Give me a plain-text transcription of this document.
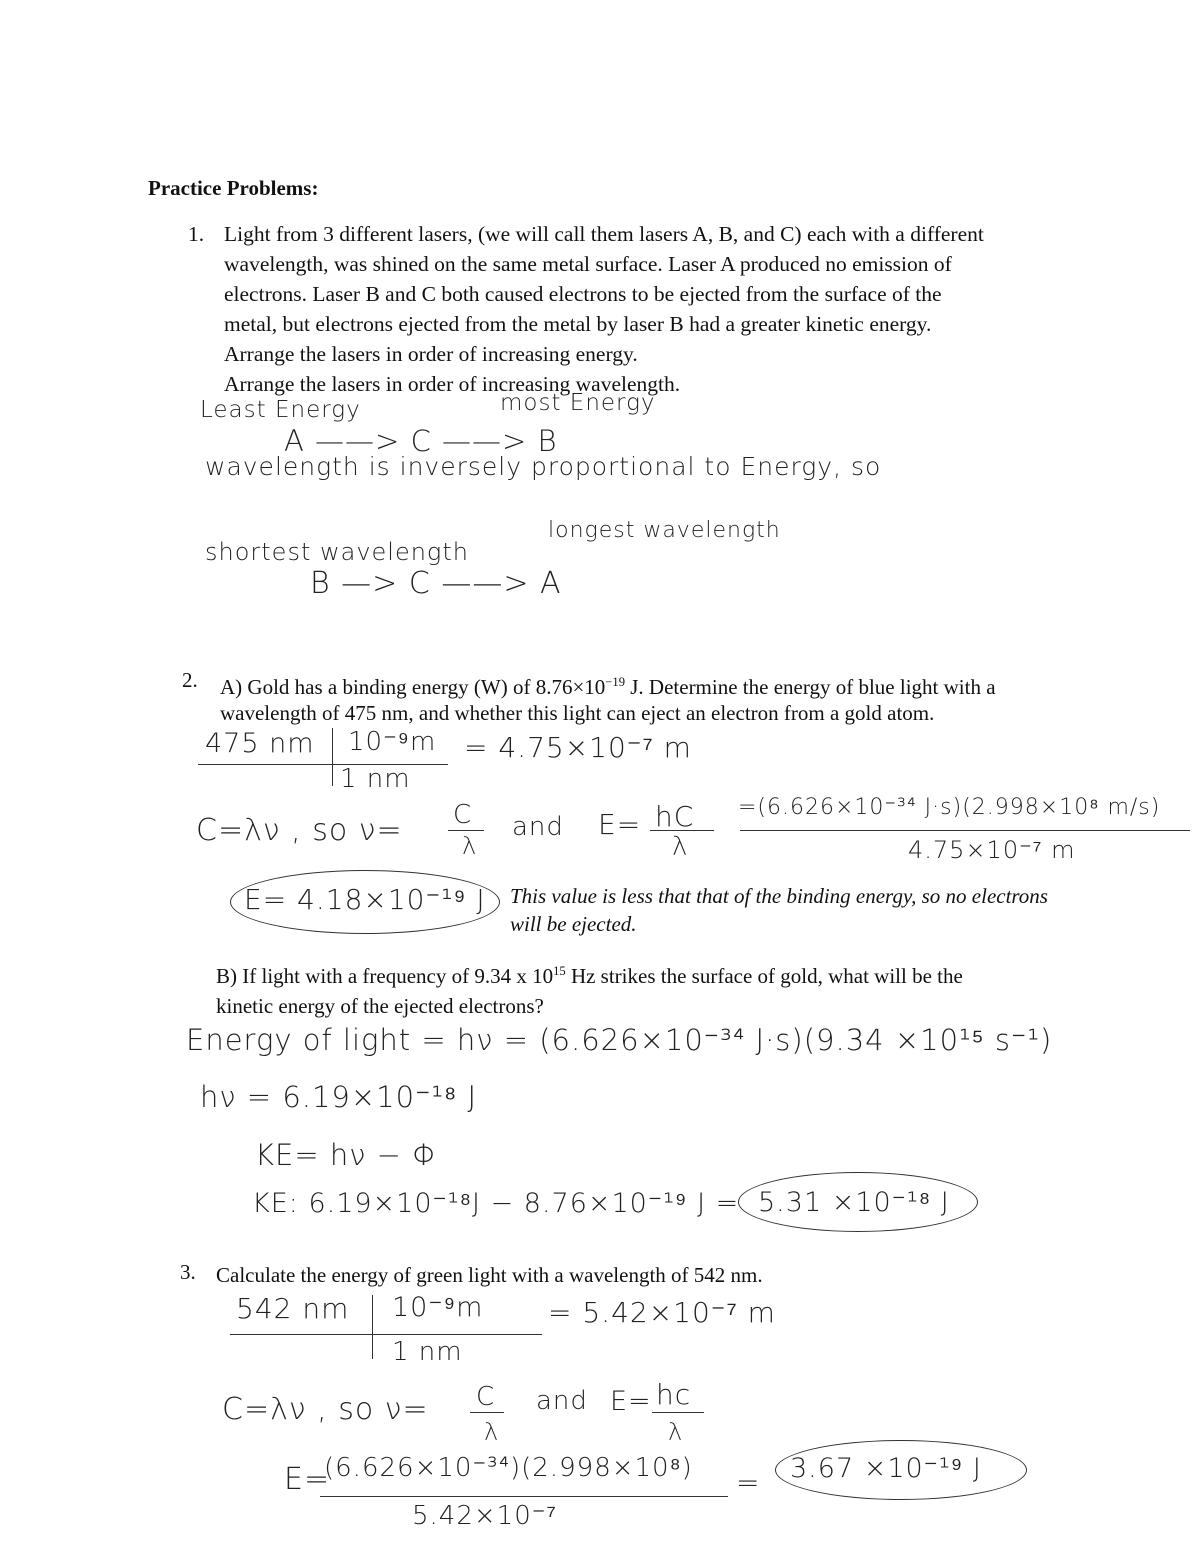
Practice Problems:
1. Light from 3 different lasers, (we will call them lasers A, B, and C) each with a different
wavelength, was shined on the same metal surface. Laser A produced no emission of
electrons. Laser B and C both caused electrons to be ejected from the surface of the
metal, but electrons ejected from the metal by laser B had a greater kinetic energy.
Arrange the lasers in order of increasing energy.
Arrange the lasers in order of increasing wavelength.
Least Energy	most Energy
A ——> C ——> B
wavelength is inversely proportional to Energy, so
shortest wavelength
longest wavelength
B —> C ——> A
2. A) Gold has a binding energy (W) of $8.76\times 10^{-19}$ J. Determine the energy of blue light with a
wavelength of 475 nm, and whether this light can eject an electron from a gold atom.
475 nm 10⁻⁹m = 4.75×10⁻⁷ m
1 nm
C=λν , so ν= C
λ
and E= hC
λ
=(6.626×10⁻³⁴ J·s)(2.998×10⁸ m/s)
4.75×10⁻⁷ m
E= 4.18×10⁻¹⁹ J This value is less that that of the binding energy, so no electrons
will be ejected.
B) If light with a frequency of 9.34 x $10^{15}$ Hz strikes the surface of gold, what will be the
kinetic energy of the ejected electrons?
Energy of light = hν = (6.626×10⁻³⁴ J·s)(9.34 ×10¹⁵ s⁻¹)
hν = 6.19×10⁻¹⁸ J
KE= hν − Φ
KE: 6.19×10⁻¹⁸J − 8.76×10⁻¹⁹ J = 5.31 ×10⁻¹⁸ J
3. Calculate the energy of green light with a wavelength of 542 nm.
542 nm 10⁻⁹m = 5.42×10⁻⁷ m
1 nm
C=λν , so ν= C
λ
and E= hc
λ
E=
(6.626×10⁻³⁴)(2.998×10⁸)
5.42×10⁻⁷
= 3.67 ×10⁻¹⁹ J
